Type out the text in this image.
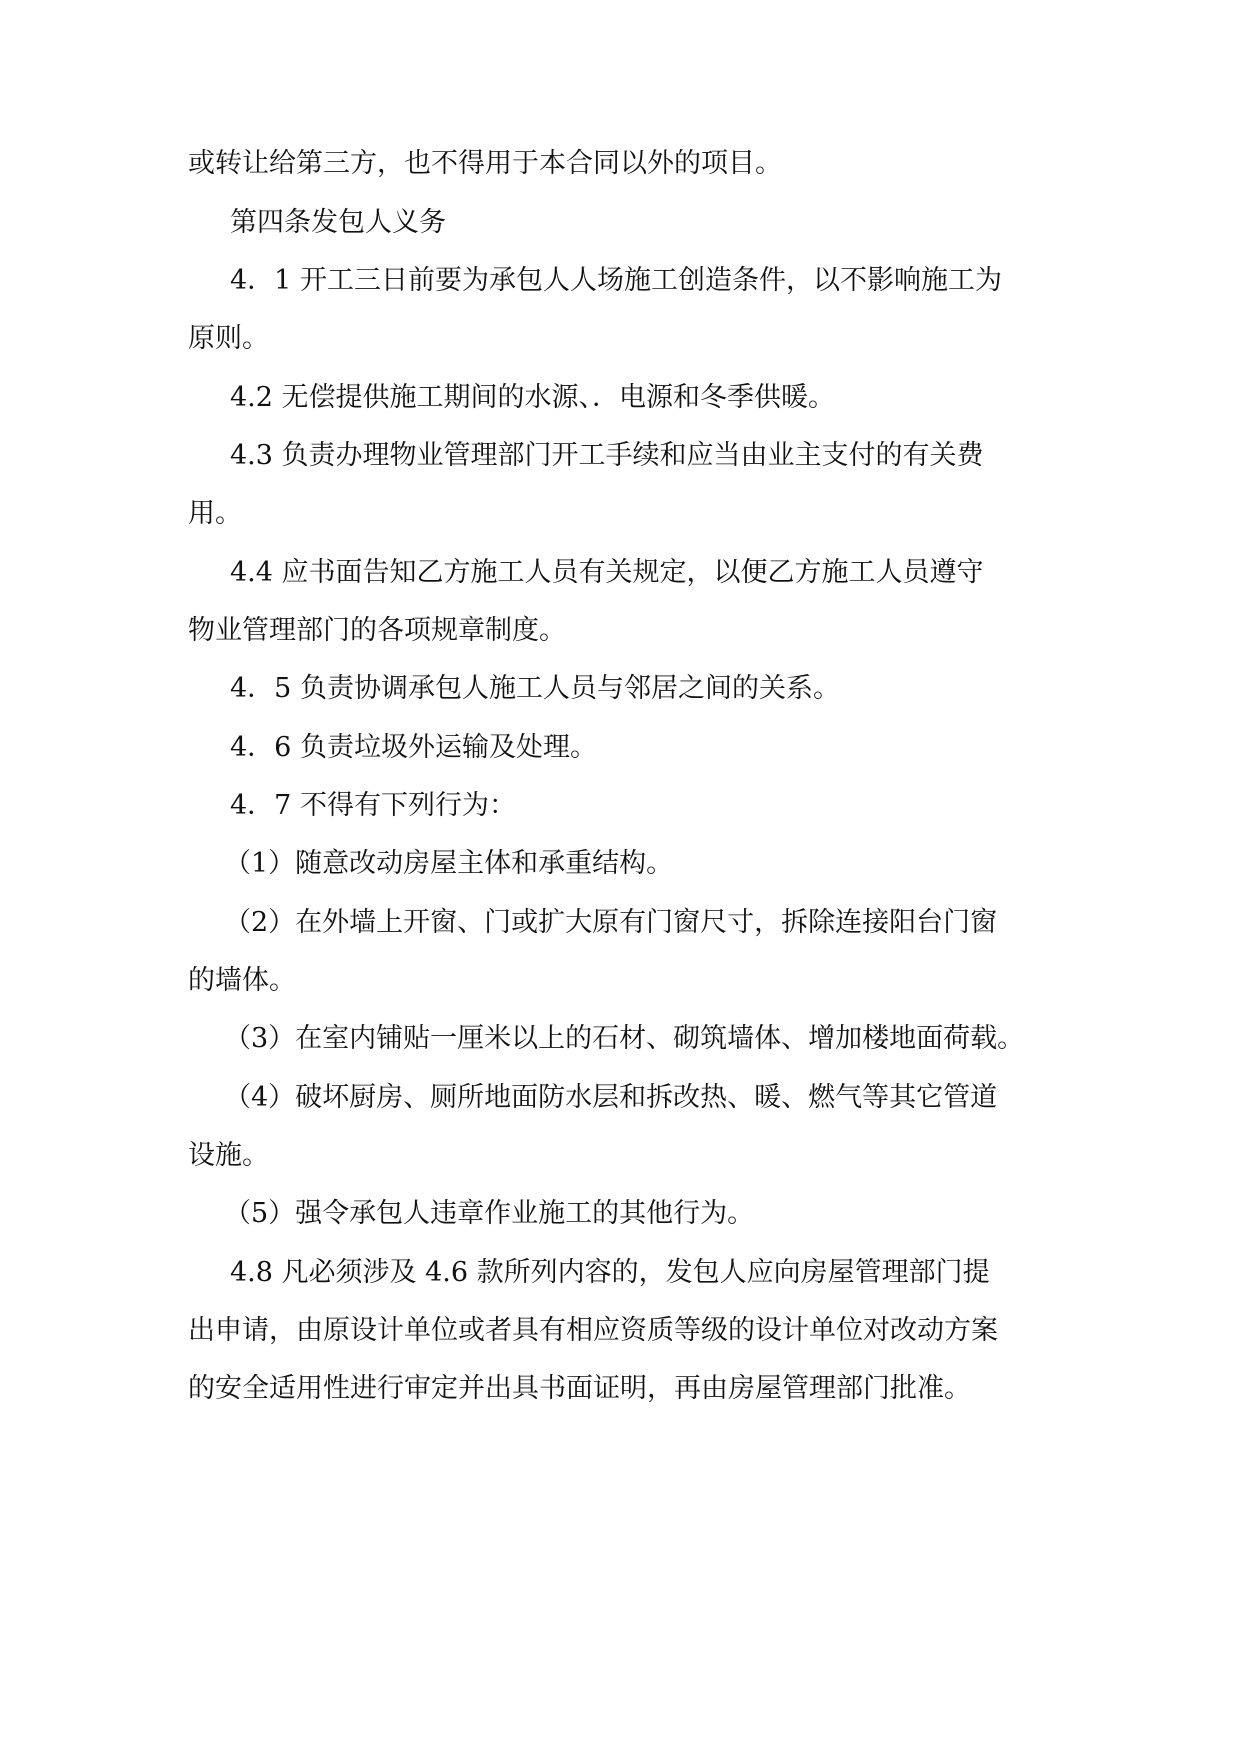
或转让给第三方，也不得用于本合同以外的项目。
第四条发包人义务
4．1 开工三日前要为承包人人场施工创造条件，以不影响施工为
原则。
4.2 无偿提供施工期间的水源、．电源和冬季供暖。
4.3 负责办理物业管理部门开工手续和应当由业主支付的有关费
用。
4.4 应书面告知乙方施工人员有关规定，以便乙方施工人员遵守
物业管理部门的各项规章制度。
4．5 负责协调承包人施工人员与邻居之间的关系。
4．6 负责垃圾外运输及处理。
4．7 不得有下列行为：
（1）随意改动房屋主体和承重结构。
（2）在外墙上开窗、门或扩大原有门窗尺寸，拆除连接阳台门窗
的墙体。
（3）在室内铺贴一厘米以上的石材、砌筑墙体、增加楼地面荷载。
（4）破坏厨房、厕所地面防水层和拆改热、暖、燃气等其它管道
设施。
（5）强令承包人违章作业施工的其他行为。
4.8 凡必须涉及 4.6 款所列内容的，发包人应向房屋管理部门提
出申请，由原设计单位或者具有相应资质等级的设计单位对改动方案
的安全适用性进行审定并出具书面证明，再由房屋管理部门批准。
